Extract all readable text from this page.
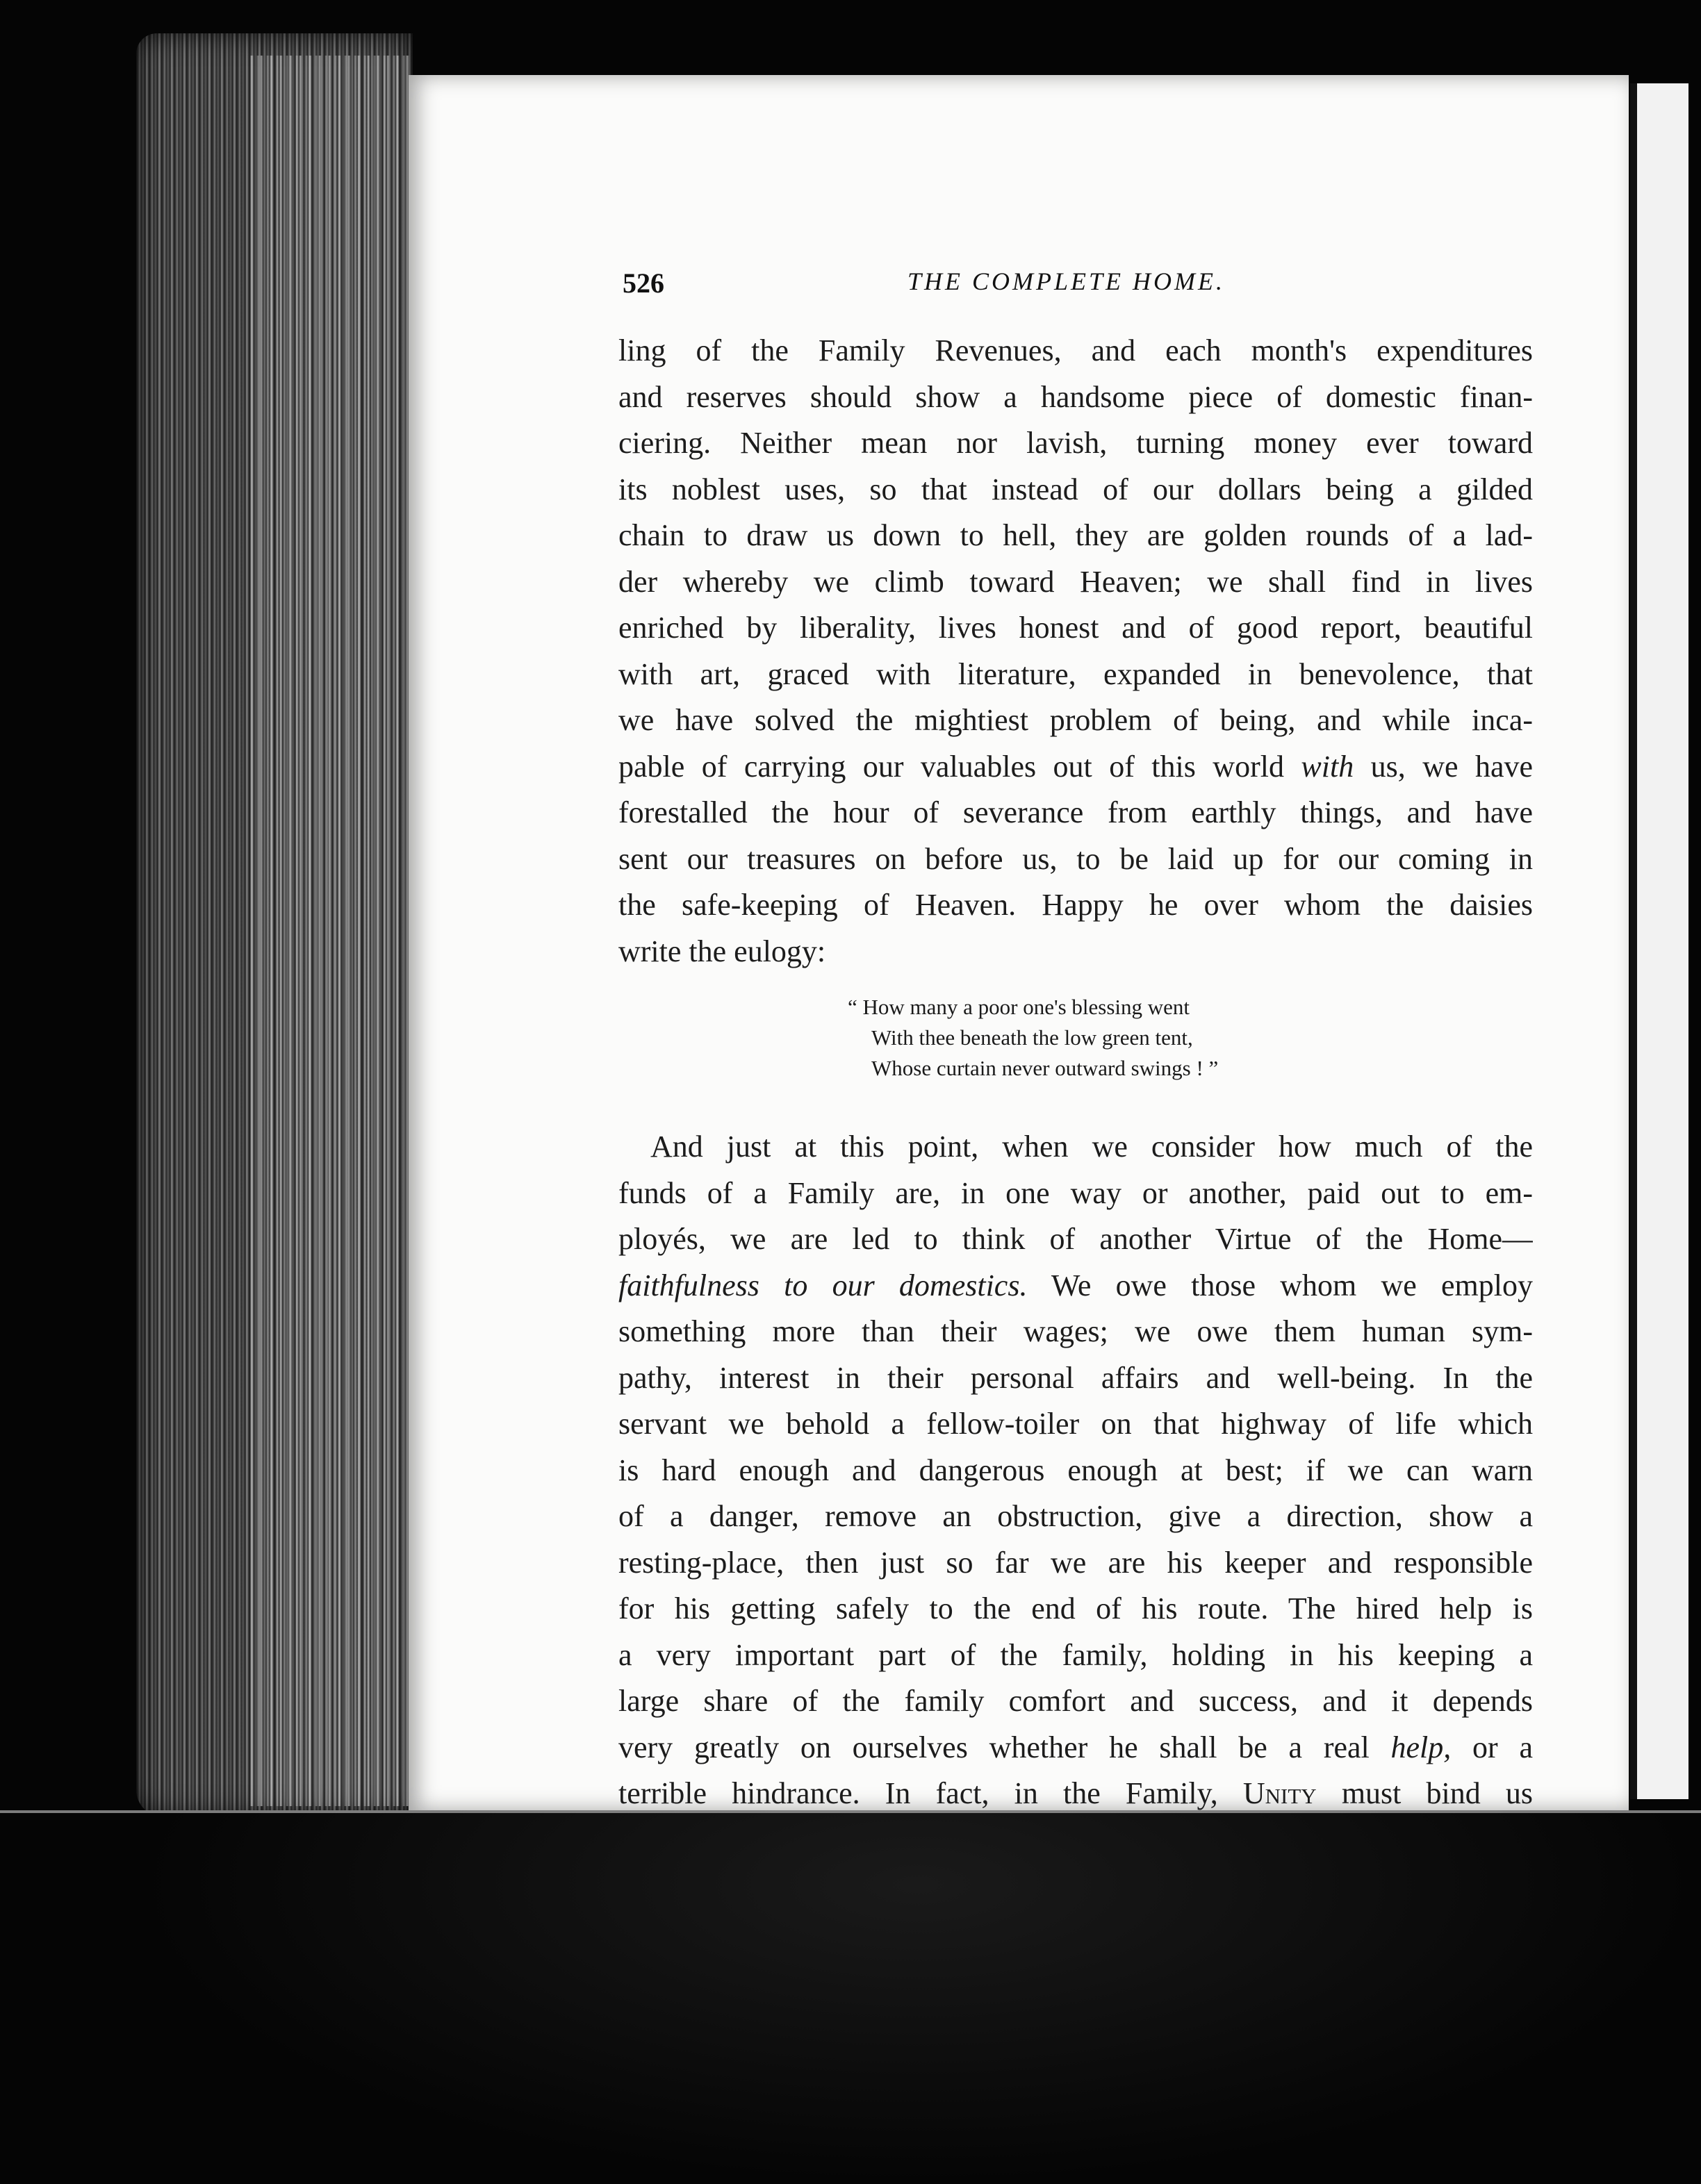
526	THE COMPLETE HOME.
ling of the Family Revenues, and each month's expenditures
and reserves should show a handsome piece of domestic finan-
ciering. Neither mean nor lavish, turning money ever toward
its noblest uses, so that instead of our dollars being a gilded
chain to draw us down to hell, they are golden rounds of a lad-
der whereby we climb toward Heaven; we shall find in lives
enriched by liberality, lives honest and of good report, beautiful
with art, graced with literature, expanded in benevolence, that
we have solved the mightiest problem of being, and while inca-
pable of carrying our valuables out of this world with us, we have
forestalled the hour of severance from earthly things, and have
sent our treasures on before us, to be laid up for our coming in
the safe-keeping of Heaven. Happy he over whom the daisies
write the eulogy:
“ How many a poor one's blessing went
With thee beneath the low green tent,
Whose curtain never outward swings ! ”
And just at this point, when we consider how much of the
funds of a Family are, in one way or another, paid out to em-
ployés, we are led to think of another Virtue of the Home—
faithfulness to our domestics. We owe those whom we employ
something more than their wages; we owe them human sym-
pathy, interest in their personal affairs and well-being. In the
servant we behold a fellow-toiler on that highway of life which
is hard enough and dangerous enough at best; if we can warn
of a danger, remove an obstruction, give a direction, show a
resting-place, then just so far we are his keeper and responsible
for his getting safely to the end of his route. The hired help is
a very important part of the family, holding in his keeping a
large share of the family comfort and success, and it depends
very greatly on ourselves whether he shall be a real help, or a
terrible hindrance. In fact, in the Family, Unity must bind us
